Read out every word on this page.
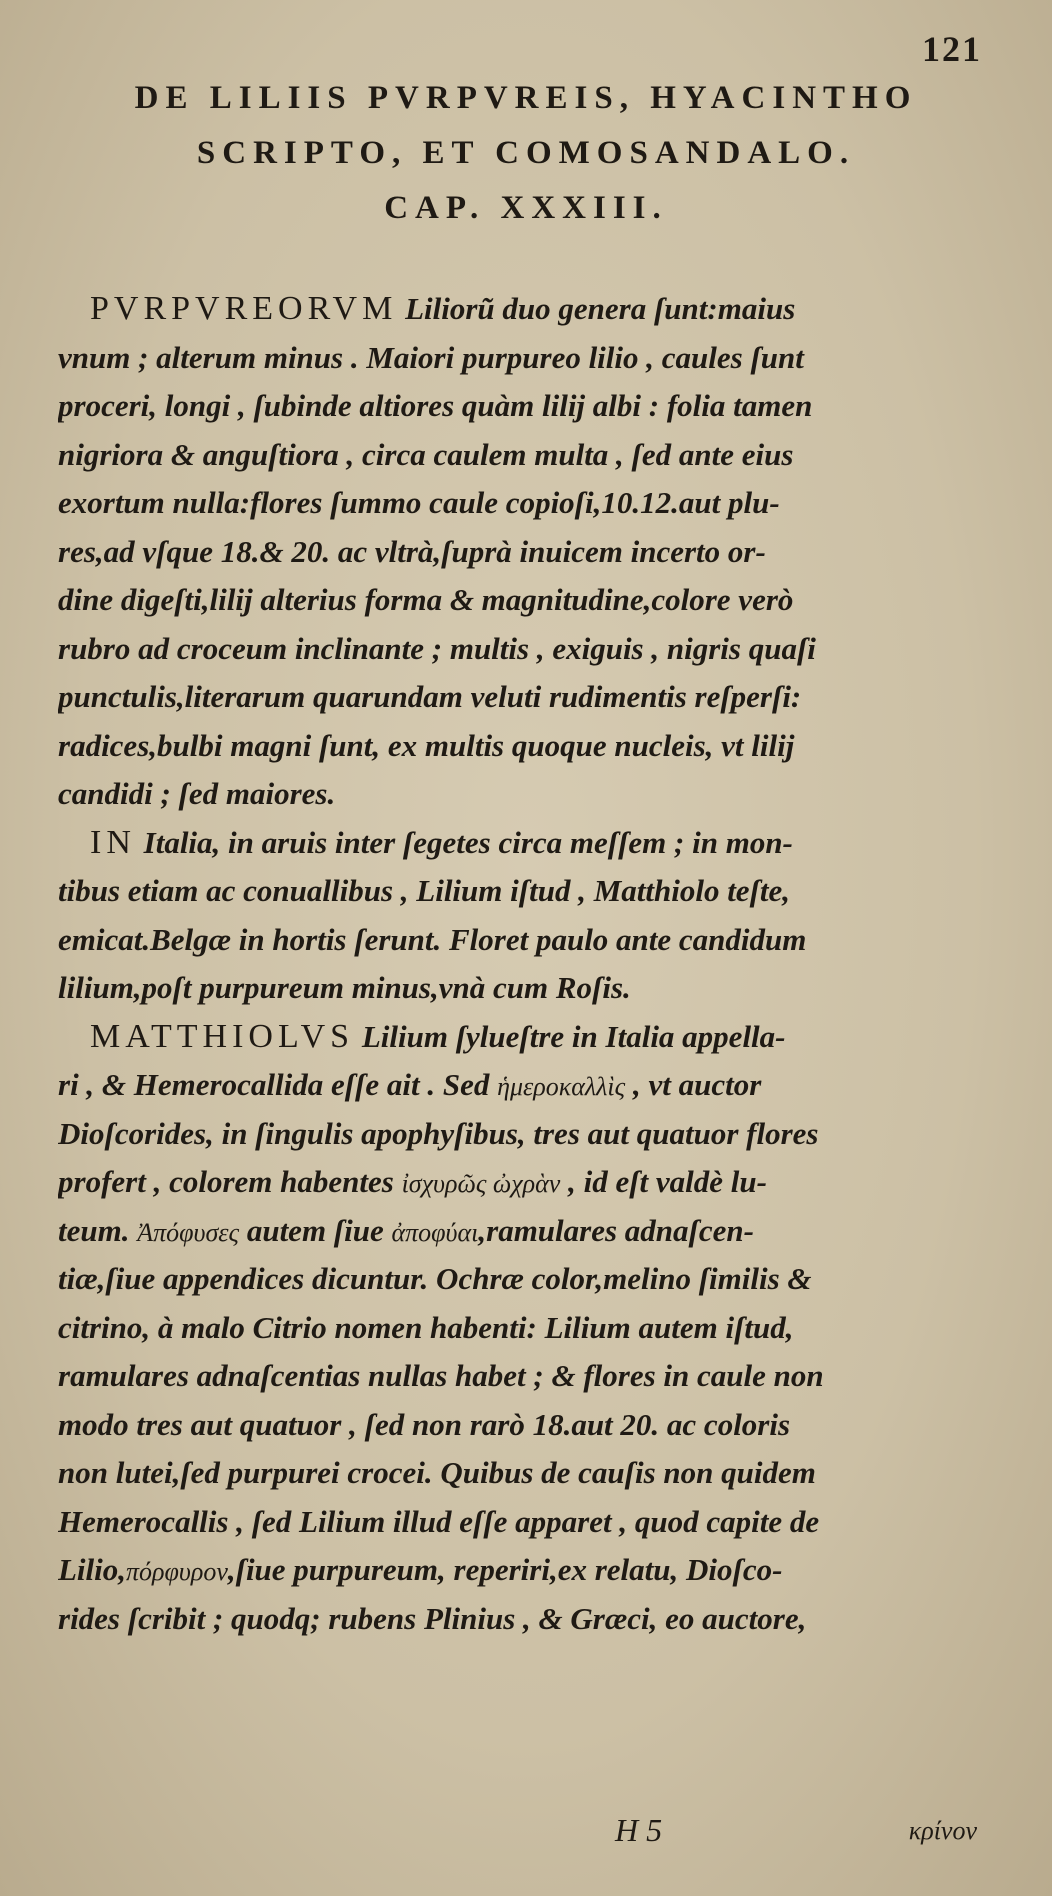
121
DE LILIIS PVRPVREIS, HYACINTHO
SCRIPTO, ET COMOSANDALO.
CAP. XXXIII.
PVRPVREORVM Liliorũ duo genera ſunt:maius
vnum ; alterum minus . Maiori purpureo lilio , caules ſunt
proceri, longi , ſubinde altiores quàm lilij albi : folia tamen
nigriora & anguſtiora , circa caulem multa , ſed ante eius
exortum nulla:flores ſummo caule copioſi,10.12.aut plu-
res,ad vſque 18.& 20. ac vltrà,ſuprà inuicem incerto or-
dine digeſti,lilij alterius forma & magnitudine,colore verò
rubro ad croceum inclinante ; multis , exiguis , nigris quaſi
punctulis,literarum quarundam veluti rudimentis reſperſi:
radices,bulbi magni ſunt, ex multis quoque nucleis, vt lilij
candidi ; ſed maiores.
IN Italia, in aruis inter ſegetes circa meſſem ; in mon-
tibus etiam ac conuallibus , Lilium iſtud , Matthiolo teſte,
emicat.Belgæ in hortis ſerunt. Floret paulo ante candidum
lilium,poſt purpureum minus,vnà cum Roſis.
MATTHIOLVS Lilium ſylueſtre in Italia appella-
ri , & Hemerocallida eſſe ait . Sed ἡμεροκαλλὶς , vt auctor
Dioſcorides, in ſingulis apophyſibus, tres aut quatuor flores
profert , colorem habentes ἰσχυρῶς ὠχρὰν , id eſt valdè lu-
teum. Ἀπόφυσες autem ſiue ἀποφύαι,ramulares adnaſcen-
tiæ,ſiue appendices dicuntur. Ochræ color,melino ſimilis &
citrino, à malo Citrio nomen habenti: Lilium autem iſtud,
ramulares adnaſcentias nullas habet ; & flores in caule non
modo tres aut quatuor , ſed non rarò 18.aut 20. ac coloris
non lutei,ſed purpurei crocei. Quibus de cauſis non quidem
Hemerocallis , ſed Lilium illud eſſe apparet , quod capite de
Lilio,πόρφυρον,ſiue purpureum, reperiri,ex relatu, Dioſco-
rides ſcribit ; quodq; rubens Plinius , & Græci, eo auctore,
H 5	κρίνον
